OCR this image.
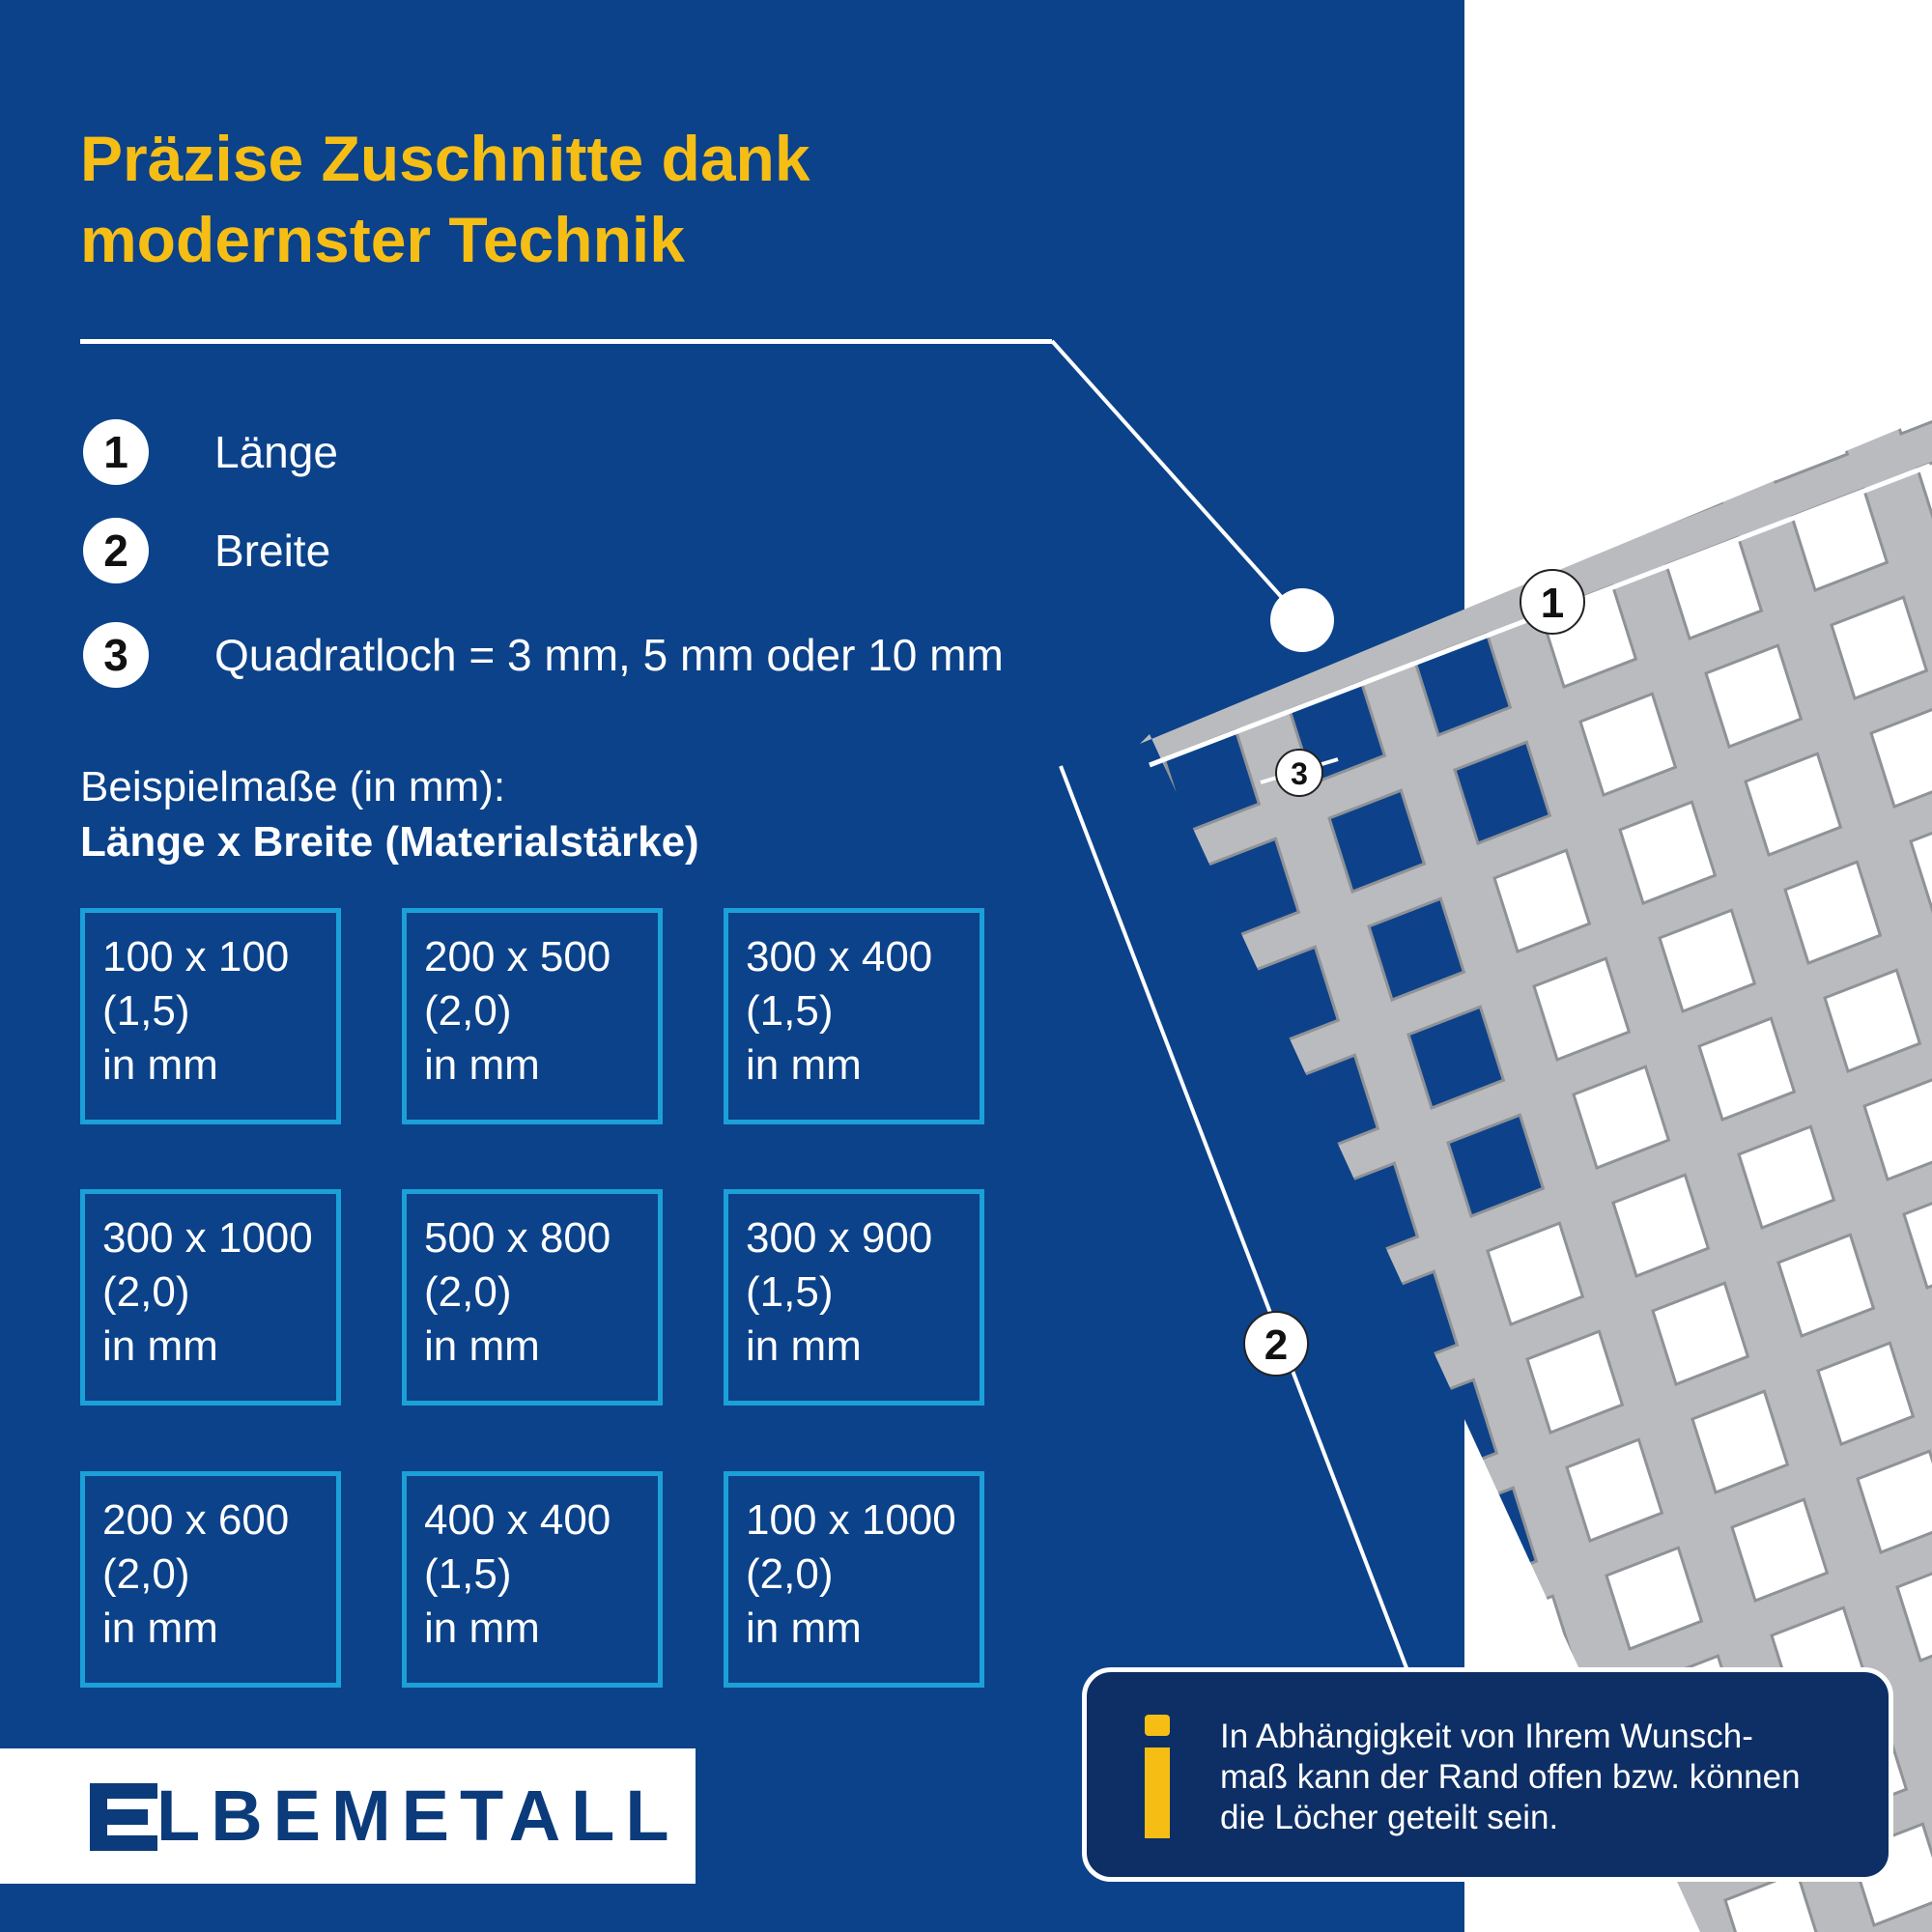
1
2
3
Präzise Zuschnitte dank
modernster Technik
1	Länge
2	Breite
3	Quadratloch = 3 mm, 5 mm oder 10 mm
Beispielmaße (in mm):
Länge x Breite (Materialstärke)
100 x 100
(1,5)
in mm
200 x 500
(2,0)
in mm
300 x 400
(1,5)
in mm
300 x 1000
(2,0)
in mm
500 x 800
(2,0)
in mm
300 x 900
(1,5)
in mm
200 x 600
(2,0)
in mm
400 x 400
(1,5)
in mm
100 x 1000
(2,0)
in mm
LBEMETALL
In Abhängigkeit von Ihrem Wunsch-
maß kann der Rand offen bzw. können
die Löcher geteilt sein.
